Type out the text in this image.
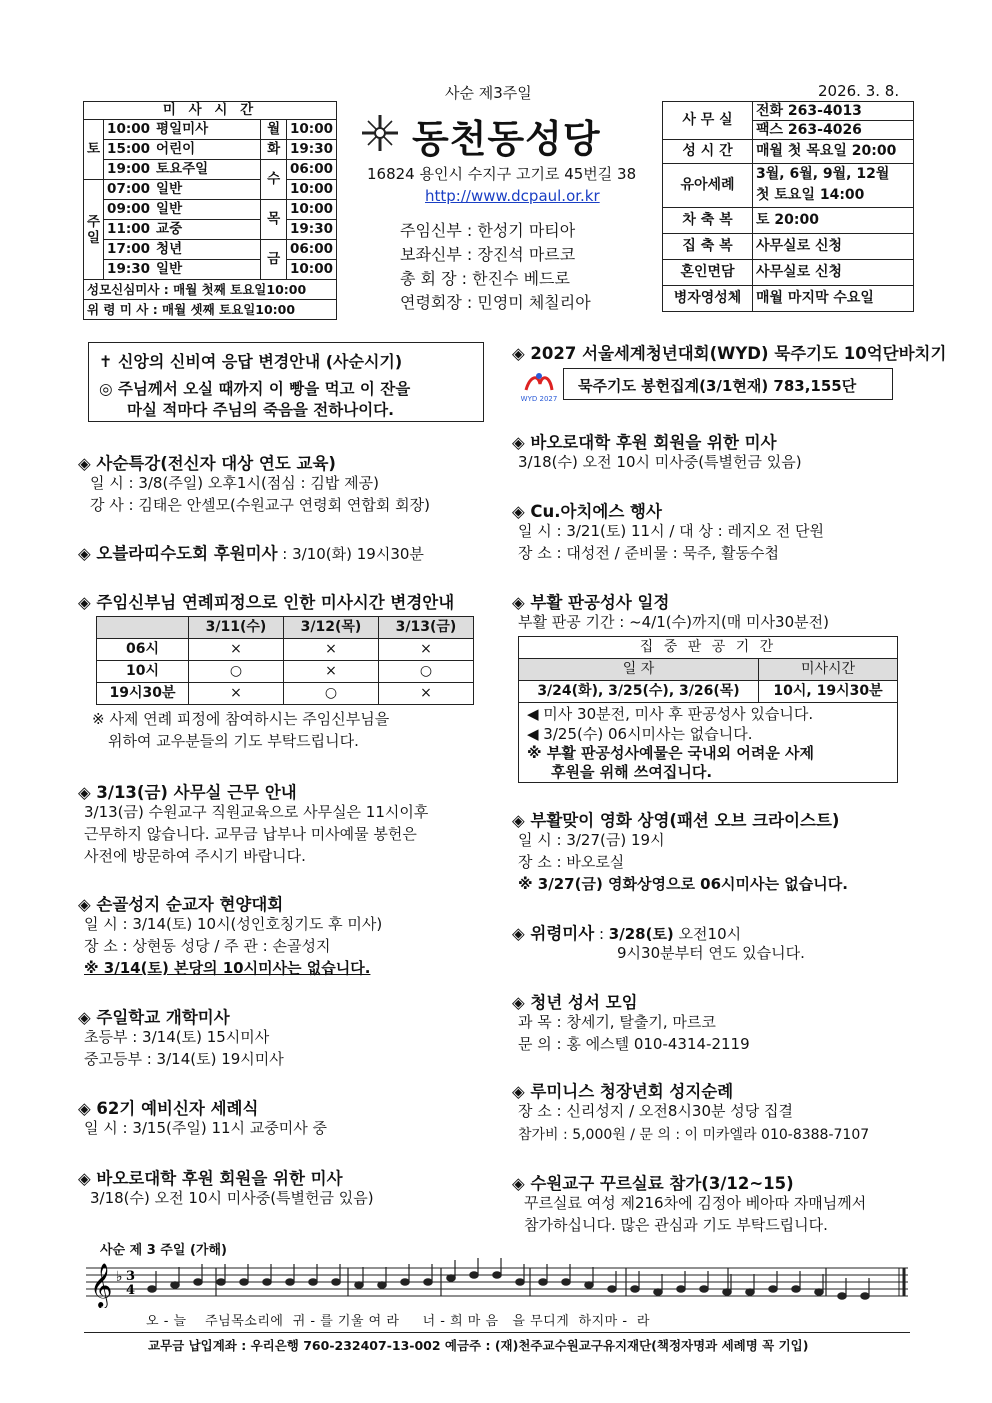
사순 제3주일	2026. 3. 8.
미 사 시 간				
토	10:00	평일미사	월	10:00
	15:00	어린이	화	19:30
	19:00	토요주일	수	06:00
주일	07:00	일반		10:00
	09:00	일반	목	10:00
	11:00	교중		19:30
	17:00	청년	금	06:00
	19:30	일반		10:00
성모신심미사 : 매월 첫째 토요일10:00				
위 령 미 사 : 매월 셋째 토요일10:00				
동천동성당
16824 용인시 수지구 고기로 45번길 38
http://www.dcpaul.or.kr
주임신부 : 한성기 마티아
보좌신부 : 장진석 마르코
총 회 장 : 한진수 베드로
연령회장 : 민영미 체칠리아
사 무 실	전화 263-4013
	팩스 263-4026
성 시 간	매월 첫 목요일 20:00
유아세례	3월, 6월, 9월, 12월
	첫 토요일 14:00
차 축 복	토 20:00
집 축 복	사무실로 신청
혼인면담	사무실로 신청
병자영성체	매월 마지막 수요일
✝ 신앙의 신비여 응답 변경안내 (사순시기)
◎ 주님께서 오실 때까지 이 빵을 먹고 이 잔을
마실 적마다 주님의 죽음을 전하나이다.
◈ 사순특강(전신자 대상 연도 교육)
일 시 : 3/8(주일) 오후1시(점심 : 김밥 제공)
강 사 : 김태은 안셀모(수원교구 연령회 연합회 회장)
◈ 오블라띠수도회 후원미사 : 3/10(화) 19시30분
◈ 주임신부님 연례피정으로 인한 미사시간 변경안내
	3/11(수)	3/12(목)	3/13(금)
06시	×	×	×
10시	○	×	○
19시30분	×	○	×
※ 사제 연례 피정에 참여하시는 주임신부님을
위하여 교우분들의 기도 부탁드립니다.
◈ 3/13(금) 사무실 근무 안내
3/13(금) 수원교구 직원교육으로 사무실은 11시이후
근무하지 않습니다. 교무금 납부나 미사예물 봉헌은
사전에 방문하여 주시기 바랍니다.
◈ 손골성지 순교자 현양대회
일 시 : 3/14(토) 10시(성인호칭기도 후 미사)
장 소 : 상현동 성당 / 주 관 : 손골성지
※ 3/14(토) 본당의 10시미사는 없습니다.
◈ 주일학교 개학미사
초등부 : 3/14(토) 15시미사
중고등부 : 3/14(토) 19시미사
◈ 62기 예비신자 세례식
일 시 : 3/15(주일) 11시 교중미사 중
◈ 바오로대학 후원 회원을 위한 미사
3/18(수) 오전 10시 미사중(특별헌금 있음)
◈ 2027 서울세계청년대회(WYD) 묵주기도 10억단바치기
WYD 2027
묵주기도 봉헌집계(3/1현재) 783,155단
◈ 바오로대학 후원 회원을 위한 미사
3/18(수) 오전 10시 미사중(특별헌금 있음)
◈ Cu.아치에스 행사
일 시 : 3/21(토) 11시 / 대 상 : 레지오 전 단원
장 소 : 대성전 / 준비물 : 묵주, 활동수첩
◈ 부활 판공성사 일정
부활 판공 기간 : ~4/1(수)까지(매 미사30분전)
집 중 판 공 기 간	
일 자	미사시간
3/24(화), 3/25(수), 3/26(목)	10시, 19시30분
◀ 미사 30분전, 미사 후 판공성사 있습니다.
◀ 3/25(수) 06시미사는 없습니다.
※ 부활 판공성사예물은 국내외 어려운 사제
후원을 위해 쓰여집니다.
◈ 부활맞이 영화 상영(패션 오브 크라이스트)
일 시 : 3/27(금) 19시
장 소 : 바오로실
※ 3/27(금) 영화상영으로 06시미사는 없습니다.
◈ 위령미사 : 3/28(토) 오전10시
9시30분부터 연도 있습니다.
◈ 청년 성서 모임
과 목 : 창세기, 탈출기, 마르코
문 의 : 홍 에스텔 010-4314-2119
◈ 루미니스 청장년회 성지순례
장 소 : 신리성지 / 오전8시30분 성당 집결
참가비 : 5,000원 / 문 의 : 이 미카엘라 010-8388-7107
◈ 수원교구 꾸르실료 참가(3/12~15)
꾸르실료 여성 제216차에 김정아 베아따 자매님께서
참가하십니다. 많은 관심과 기도 부탁드립니다.
사순 제 3 주일 (가해)
𝄞 ♭ 3
4
오 - 늘    주님목소리에  귀 - 를 기울 여 라     너 - 희 마 음   을 무디게  하지마 -  라
교무금 납입계좌 : 우리은행 760-232407-13-002 예금주 : (재)천주교수원교구유지재단(책정자명과 세례명 꼭 기입)
